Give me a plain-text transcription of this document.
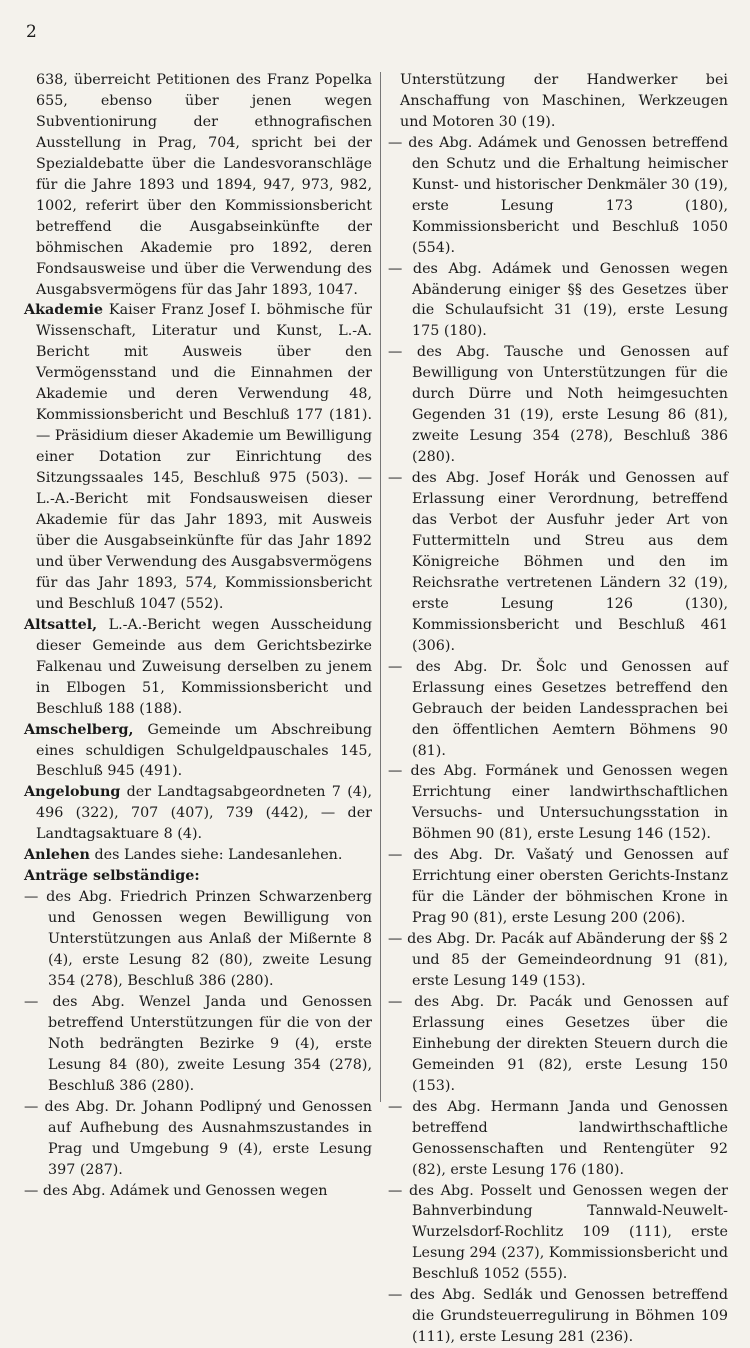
2

638, überreicht Petitionen des Franz Popelka 655, ebenso über jenen wegen Subventionirung der ethnografischen Ausstellung in Prag, 704, spricht bei der Spezialdebatte über die Landesvoranschläge für die Jahre 1893 und 1894, 947, 973, 982, 1002, referirt über den Kommissionsbericht betreffend die Ausgabseinkünfte der böhmischen Akademie pro 1892, deren Fondsausweise und über die Verwendung des Ausgabsvermögens für das Jahr 1893, 1047.

Akademie Kaiser Franz Josef I. böhmische für Wissenschaft, Literatur und Kunst, L.-A. Bericht mit Ausweis über den Vermögensstand und die Einnahmen der Akademie und deren Verwendung 48, Kommissionsbericht und Beschluß 177 (181). — Präsidium dieser Akademie um Bewilligung einer Dotation zur Einrichtung des Sitzungssaales 145, Beschluß 975 (503). — L.-A.-Bericht mit Fondsausweisen dieser Akademie für das Jahr 1893, mit Ausweis über die Ausgabseinkünfte für das Jahr 1892 und über Verwendung des Ausgabsvermögens für das Jahr 1893, 574, Kommissionsbericht und Beschluß 1047 (552).

Altsattel, L.-A.-Bericht wegen Ausscheidung dieser Gemeinde aus dem Gerichtsbezirke Falkenau und Zuweisung derselben zu jenem in Elbogen 51, Kommissionsbericht und Beschluß 188 (188).

Amschelberg, Gemeinde um Abschreibung eines schuldigen Schulgeldpauschales 145, Beschluß 945 (491).

Angelobung der Landtagsabgeordneten 7 (4), 496 (322), 707 (407), 739 (442), — der Landtagsaktuare 8 (4).

Anlehen des Landes siehe: Landesanlehen.

Anträge selbständige:

— des Abg. Friedrich Prinzen Schwarzenberg und Genossen wegen Bewilligung von Unterstützungen aus Anlaß der Mißernte 8 (4), erste Lesung 82 (80), zweite Lesung 354 (278), Beschluß 386 (280).

— des Abg. Wenzel Janda und Genossen betreffend Unterstützungen für die von der Noth bedrängten Bezirke 9 (4), erste Lesung 84 (80), zweite Lesung 354 (278), Beschluß 386 (280).

— des Abg. Dr. Johann Podlipný und Genossen auf Aufhebung des Ausnahmszustandes in Prag und Umgebung 9 (4), erste Lesung 397 (287).

— des Abg. Adámek und Genossen wegen

Unterstützung der Handwerker bei Anschaffung von Maschinen, Werkzeugen und Motoren 30 (19).

— des Abg. Adámek und Genossen betreffend den Schutz und die Erhaltung heimischer Kunst- und historischer Denkmäler 30 (19), erste Lesung 173 (180), Kommissionsbericht und Beschluß 1050 (554).

— des Abg. Adámek und Genossen wegen Abänderung einiger §§ des Gesetzes über die Schulaufsicht 31 (19), erste Lesung 175 (180).

— des Abg. Tausche und Genossen auf Bewilligung von Unterstützungen für die durch Dürre und Noth heimgesuchten Gegenden 31 (19), erste Lesung 86 (81), zweite Lesung 354 (278), Beschluß 386 (280).

— des Abg. Josef Horák und Genossen auf Erlassung einer Verordnung, betreffend das Verbot der Ausfuhr jeder Art von Futtermitteln und Streu aus dem Königreiche Böhmen und den im Reichsrathe vertretenen Ländern 32 (19), erste Lesung 126 (130), Kommissionsbericht und Beschluß 461 (306).

— des Abg. Dr. Šolc und Genossen auf Erlassung eines Gesetzes betreffend den Gebrauch der beiden Landessprachen bei den öffentlichen Aemtern Böhmens 90 (81).

— des Abg. Formánek und Genossen wegen Errichtung einer landwirthschaftlichen Versuchs- und Untersuchungsstation in Böhmen 90 (81), erste Lesung 146 (152).

— des Abg. Dr. Vašatý und Genossen auf Errichtung einer obersten Gerichts-Instanz für die Länder der böhmischen Krone in Prag 90 (81), erste Lesung 200 (206).

— des Abg. Dr. Pacák auf Abänderung der §§ 2 und 85 der Gemeindeordnung 91 (81), erste Lesung 149 (153).

— des Abg. Dr. Pacák und Genossen auf Erlassung eines Gesetzes über die Einhebung der direkten Steuern durch die Gemeinden 91 (82), erste Lesung 150 (153).

— des Abg. Hermann Janda und Genossen betreffend landwirthschaftliche Genossenschaften und Rentengüter 92 (82), erste Lesung 176 (180).

— des Abg. Posselt und Genossen wegen der Bahnverbindung Tannwald-Neuwelt-Wurzelsdorf-Rochlitz 109 (111), erste Lesung 294 (237), Kommissionsbericht und Beschluß 1052 (555).

— des Abg. Sedlák und Genossen betreffend die Grundsteuerregulirung in Böhmen 109 (111), erste Lesung 281 (236).
